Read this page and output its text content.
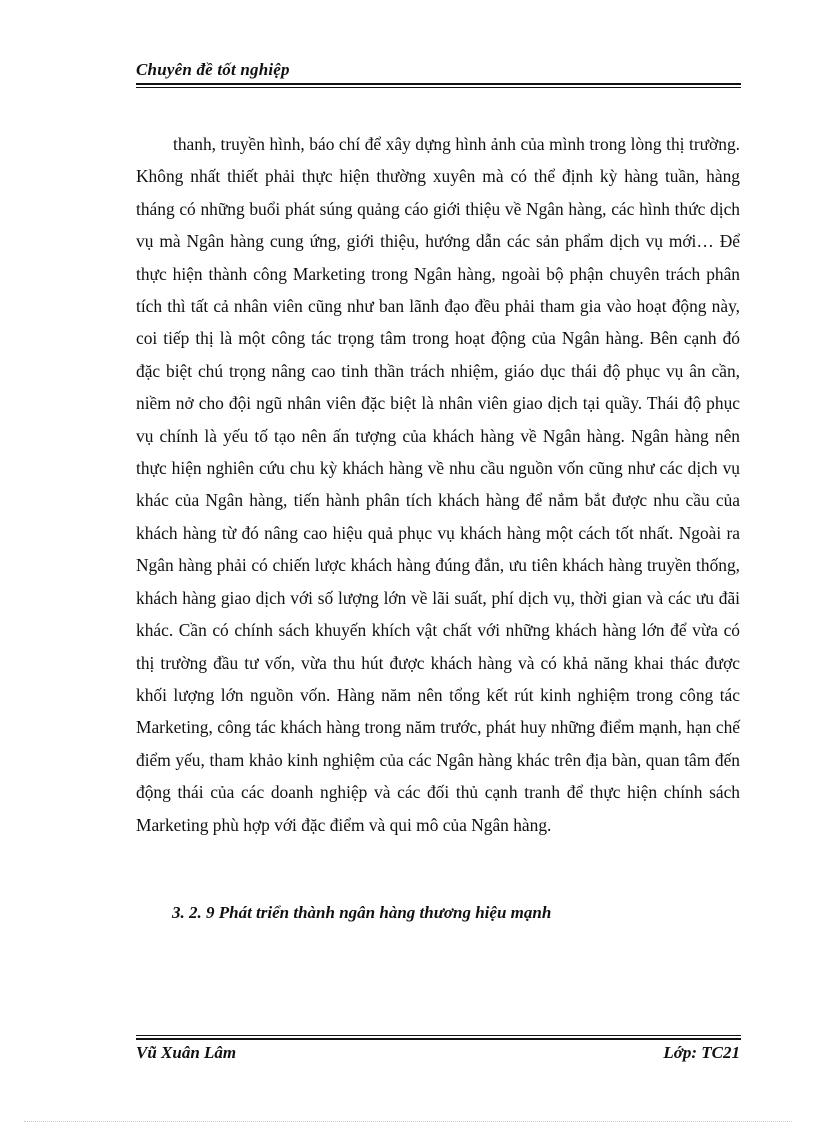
Chuyên đề tốt nghiệp

thanh, truyền hình, báo chí để xây dựng hình ảnh của mình trong lòng thị trường. Không nhất thiết phải thực hiện thường xuyên mà có thể định kỳ hàng tuần, hàng tháng có những buổi phát súng quảng cáo giới thiệu về Ngân hàng, các hình thức dịch vụ mà Ngân hàng cung ứng, giới thiệu, hướng dẫn các sản phẩm dịch vụ mới… Để thực hiện thành công Marketing trong Ngân hàng, ngoài bộ phận chuyên trách phân tích thì tất cả nhân viên cũng như ban lãnh đạo đều phải tham gia vào hoạt động này, coi tiếp thị là một công tác trọng tâm trong hoạt động của Ngân hàng. Bên cạnh đó đặc biệt chú trọng nâng cao tinh thần trách nhiệm, giáo dục thái độ phục vụ ân cần, niềm nở cho đội ngũ nhân viên đặc biệt là nhân viên giao dịch tại quầy. Thái độ phục vụ chính là yếu tố tạo nên ấn tượng của khách hàng về Ngân hàng. Ngân hàng nên thực hiện nghiên cứu chu kỳ khách hàng về nhu cầu nguồn vốn cũng như các dịch vụ khác của Ngân hàng, tiến hành phân tích khách hàng để nắm bắt được nhu cầu của khách hàng từ đó nâng cao hiệu quả phục vụ khách hàng một cách tốt nhất. Ngoài ra Ngân hàng phải có chiến lược khách hàng đúng đắn, ưu tiên khách hàng truyền thống, khách hàng giao dịch với số lượng lớn về lãi suất, phí dịch vụ, thời gian và các ưu đãi khác. Cần có chính sách khuyến khích vật chất với những khách hàng lớn để vừa có thị trường đầu tư vốn, vừa thu hút được khách hàng và có khả năng khai thác được khối lượng lớn nguồn vốn. Hàng năm nên tổng kết rút kinh nghiệm trong công tác Marketing, công tác khách hàng trong năm trước, phát huy những điểm mạnh, hạn chế điểm yếu, tham khảo kinh nghiệm của các Ngân hàng khác trên địa bàn, quan tâm đến động thái của các doanh nghiệp và các đối thủ cạnh tranh để thực hiện chính sách Marketing phù hợp với đặc điểm và qui mô của Ngân hàng.

3. 2. 9 Phát triển thành ngân hàng thương hiệu mạnh

Vũ Xuân Lâm	Lớp: TC21
